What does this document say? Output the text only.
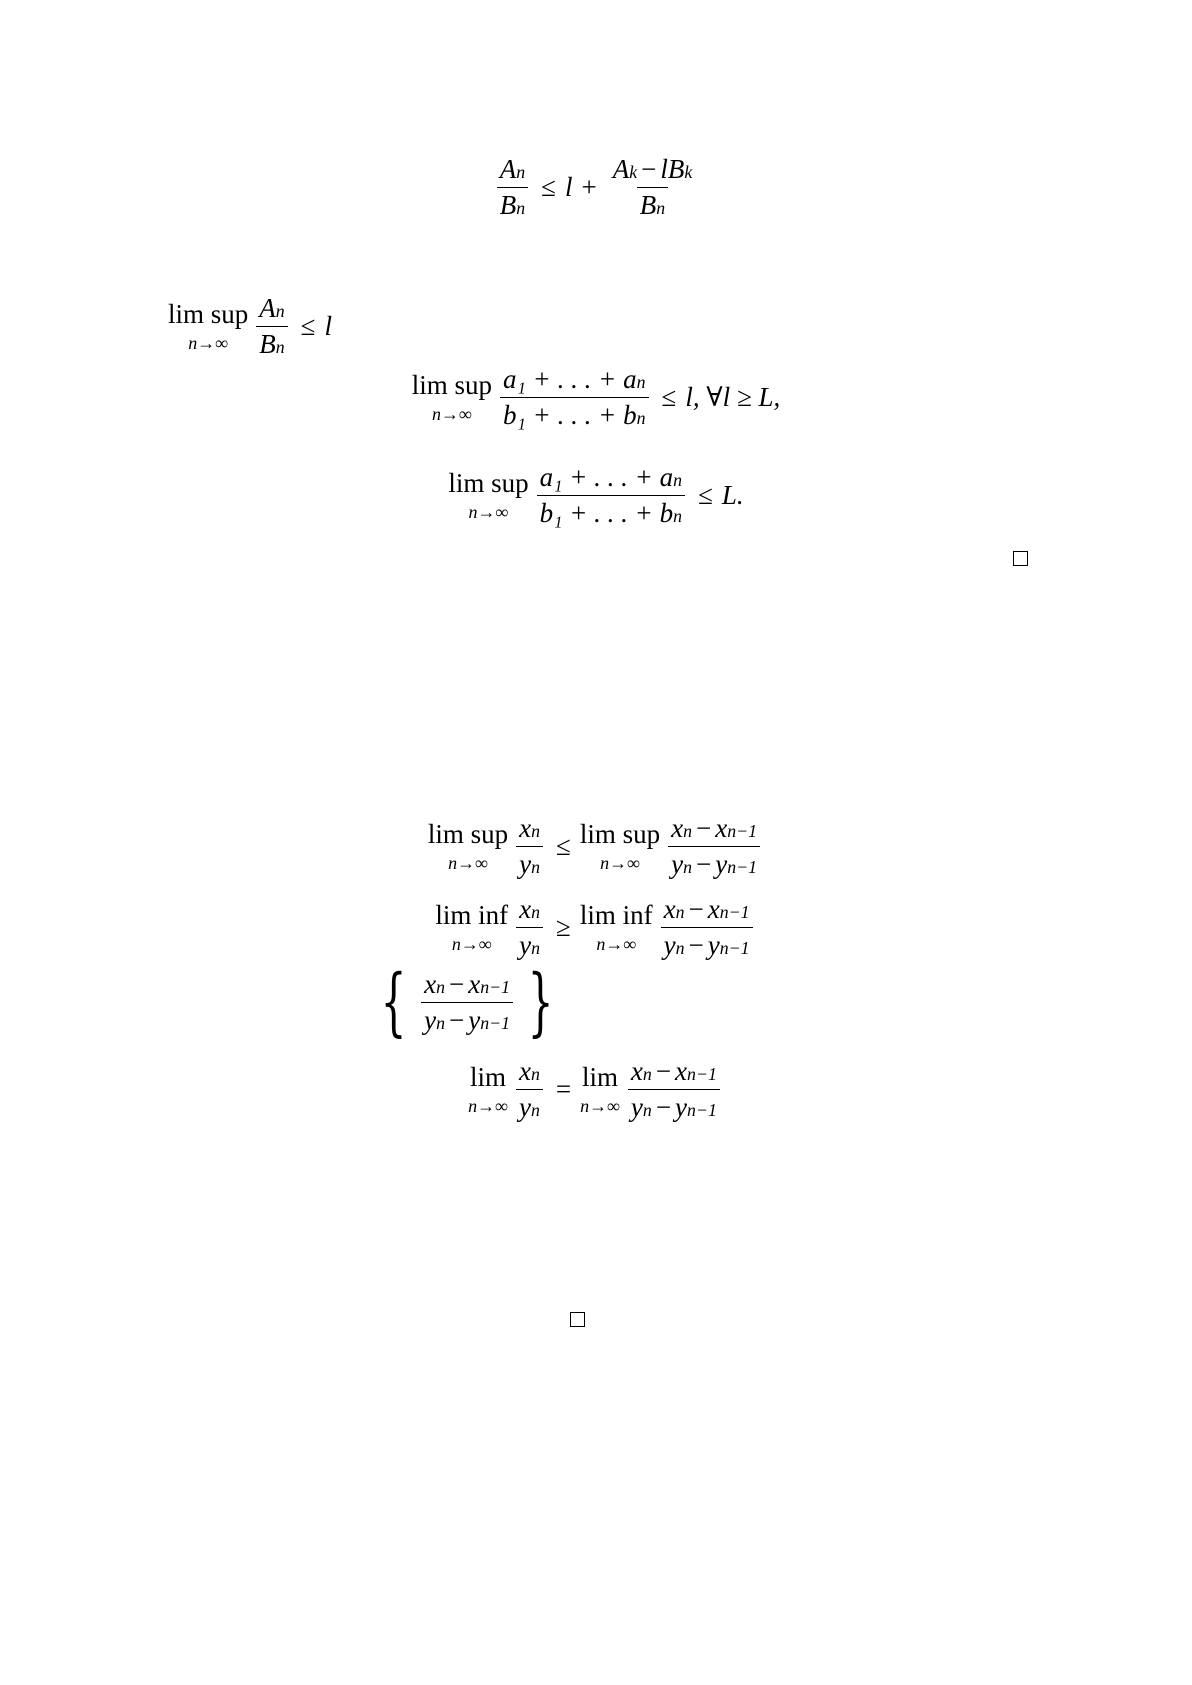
$\frac{\text{A n}}{\text{B n}} \le l + \frac{\text{A k − lB k}}{\text{B n}}$
lim sup
$n\to\infty \frac{\text{A n}}{\text{B n}} \le l$
lim sup
$n\to\infty \frac{\text{a₁ + . . . + a n}}{\text{b₁ + . . . + b n}} \le l$, ∀l ≥ L,
lim sup
$n\to\infty \frac{\text{a₁ + . . . + a n}}{\text{b₁ + . . . + b n}} \le L$.
lim sup
$n\to\infty \frac{\text{x n}}{\text{y n}} \le \lim$ sup
$n\to\infty \frac{\text{x n − x n−1}}{\text{y n − y n−1}}$
lim inf
$n\to\infty \frac{\text{x n}}{\text{y n}} \ge \lim$ inf
$n\to\infty \frac{\text{x n − x n−1}}{\text{y n − y n−1}}$
{ $\frac{\text{x n − x n−1}}{\text{y n − y n−1}}$ }
lim
$n\to\infty \frac{\text{x n}}{\text{y n}} = \lim$
$n\to\infty \frac{\text{x n − x n−1}}{\text{y n − y n−1}}$
